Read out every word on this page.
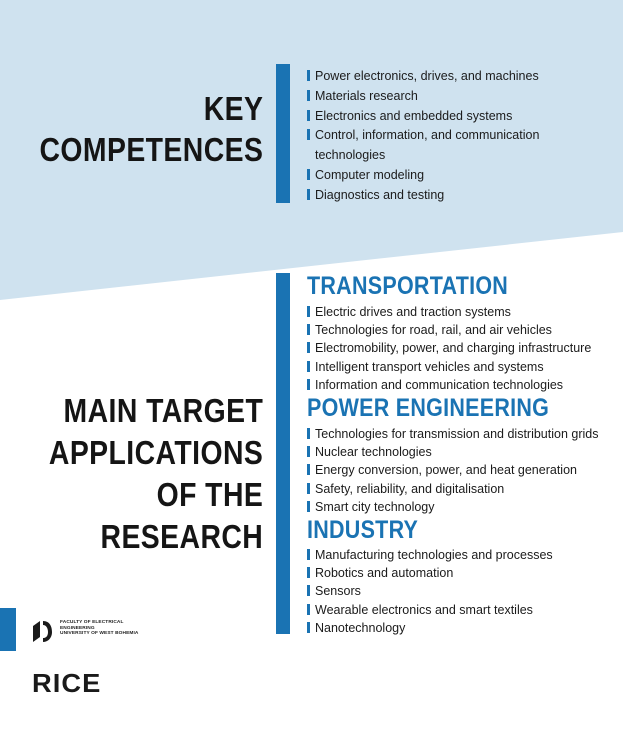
KEY
COMPETENCES
Power electronics, drives, and machines
Materials research
Electronics and embedded systems
Control, information, and communication
technologies
Computer modeling
Diagnostics and testing
MAIN TARGET
APPLICATIONS
OF THE
RESEARCH
TRANSPORTATION
Electric drives and traction systems
Technologies for road, rail, and air vehicles
Electromobility, power, and charging infrastructure
Intelligent transport vehicles and systems
Information and communication technologies
POWER ENGINEERING
Technologies for transmission and distribution grids
Nuclear technologies
Energy conversion, power, and heat generation
Safety, reliability, and digitalisation
Smart city technology
INDUSTRY
Manufacturing technologies and processes
Robotics and automation
Sensors
Wearable electronics and smart textiles
Nanotechnology
FACULTY OF ELECTRICAL
ENGINEERING
UNIVERSITY OF WEST BOHEMIA
RICE
